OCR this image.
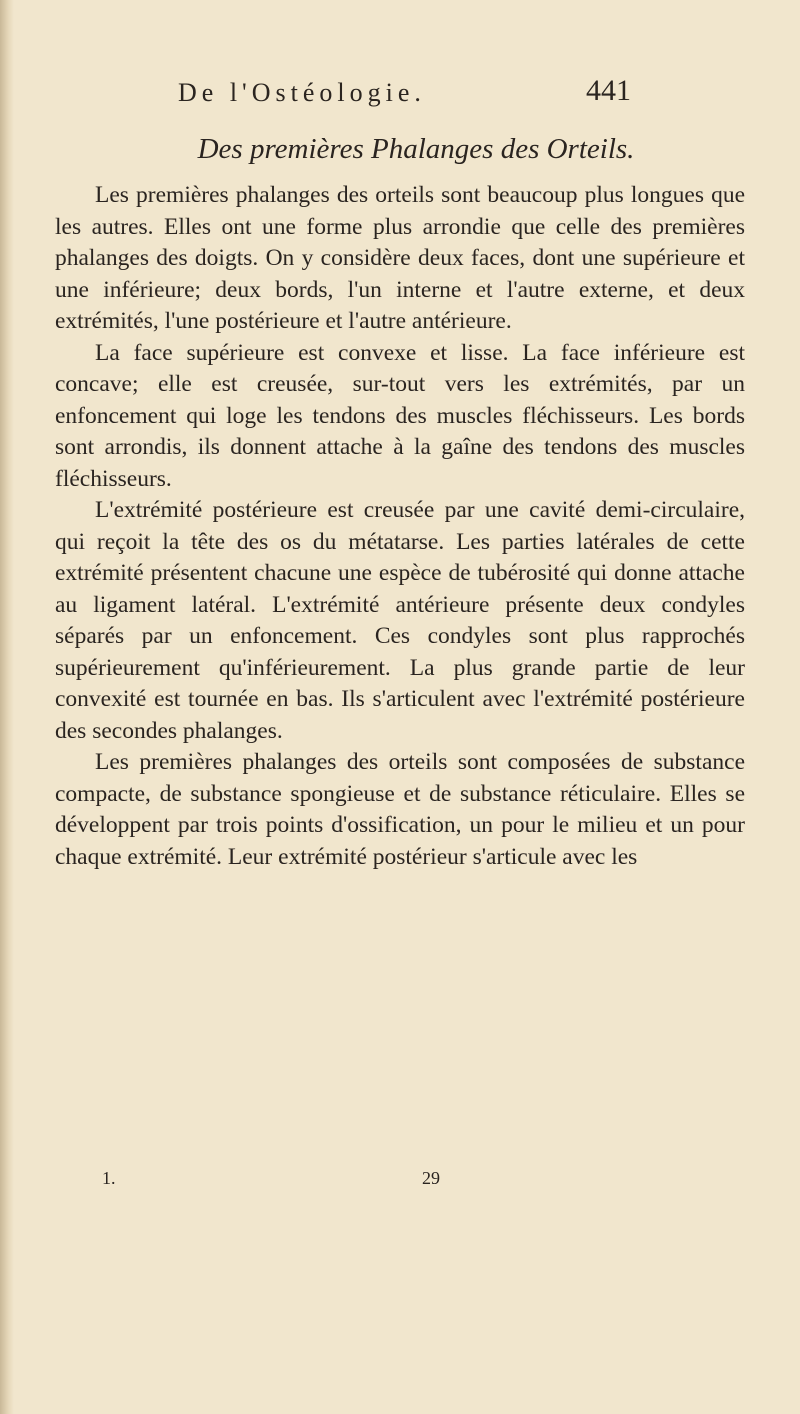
De l'Ostéologie.	441
Des premières Phalanges des Orteils.

Les premières phalanges des orteils sont beaucoup plus longues que les autres. Elles ont une forme plus arrondie que celle des premières phalanges des doigts. On y considère deux faces, dont une supérieure et une inférieure; deux bords, l'un interne et l'autre externe, et deux extrémités, l'une postérieure et l'autre antérieure.

La face supérieure est convexe et lisse. La face inférieure est concave; elle est creusée, sur-tout vers les extrémités, par un enfoncement qui loge les tendons des muscles fléchisseurs. Les bords sont arrondis, ils donnent attache à la gaîne des tendons des muscles fléchisseurs.

L'extrémité postérieure est creusée par une cavité demi-circulaire, qui reçoit la tête des os du métatarse. Les parties latérales de cette extrémité présentent chacune une espèce de tubérosité qui donne attache au ligament latéral. L'extrémité antérieure présente deux condyles séparés par un enfoncement. Ces condyles sont plus rapprochés supérieurement qu'inférieurement. La plus grande partie de leur convexité est tournée en bas. Ils s'articulent avec l'extrémité postérieure des secondes phalanges.

Les premières phalanges des orteils sont composées de substance compacte, de substance spongieuse et de substance réticulaire. Elles se développent par trois points d'ossification, un pour le milieu et un pour chaque extrémité. Leur extrémité postérieur s'articule avec les

1.	29
